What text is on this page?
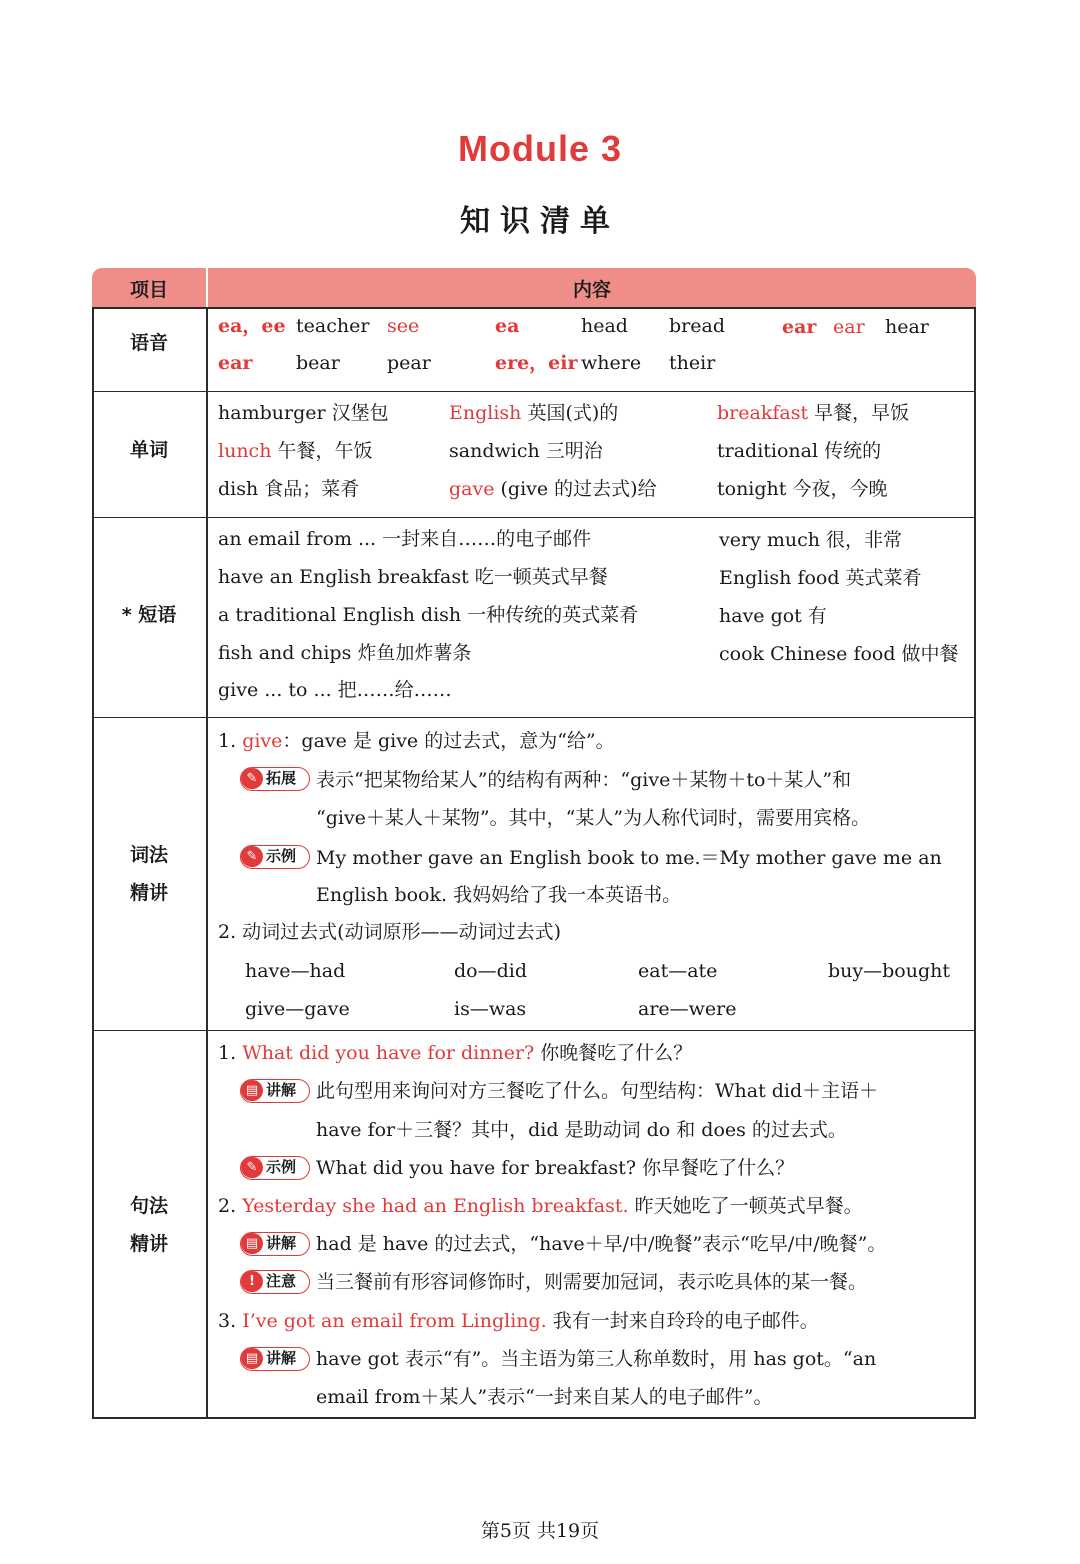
Module 3
知识清单
项目	内容
语音
ea，ee teacher see	ea	head bread	ear ear hear
ear bear pear	ere，eir where their
单词
hamburger 汉堡包	English 英国(式)的	breakfast 早餐，早饭
lunch 午餐，午饭	sandwich 三明治	traditional 传统的
dish 食品；菜肴	gave (give 的过去式)给	tonight 今夜，今晚
* 短语
an email from ... 一封来自……的电子邮件	very much 很，非常
have an English breakfast 吃一顿英式早餐	English food 英式菜肴
a traditional English dish 一种传统的英式菜肴	have got 有
fish and chips 炸鱼加炸薯条	cook Chinese food 做中餐
give ... to ... 把……给……
词法
精讲
1. give：gave 是 give 的过去式，意为“给”。
✎ 拓展 表示“把某物给某人”的结构有两种：“give＋某物＋to＋某人”和
“give＋某人＋某物”。其中，“某人”为人称代词时，需要用宾格。
✎ 示例 My mother gave an English book to me.＝My mother gave me an
English book. 我妈妈给了我一本英语书。
2. 动词过去式(动词原形——动词过去式)
have—had	do—did	eat—ate	buy—bought
give—gave	is—was	are—were
句法
精讲
1. What did you have for dinner? 你晚餐吃了什么？
▤ 讲解 此句型用来询问对方三餐吃了什么。句型结构：What did＋主语＋
have for＋三餐？其中，did 是助动词 do 和 does 的过去式。
✎ 示例 What did you have for breakfast? 你早餐吃了什么？
2. Yesterday she had an English breakfast. 昨天她吃了一顿英式早餐。
▤ 讲解 had 是 have 的过去式，“have＋早/中/晚餐”表示“吃早/中/晚餐”。
! 注意 当三餐前有形容词修饰时，则需要加冠词，表示吃具体的某一餐。
3. I’ve got an email from Lingling. 我有一封来自玲玲的电子邮件。
▤ 讲解 have got 表示“有”。当主语为第三人称单数时，用 has got。“an
email from＋某人”表示“一封来自某人的电子邮件”。
第5页 共19页
